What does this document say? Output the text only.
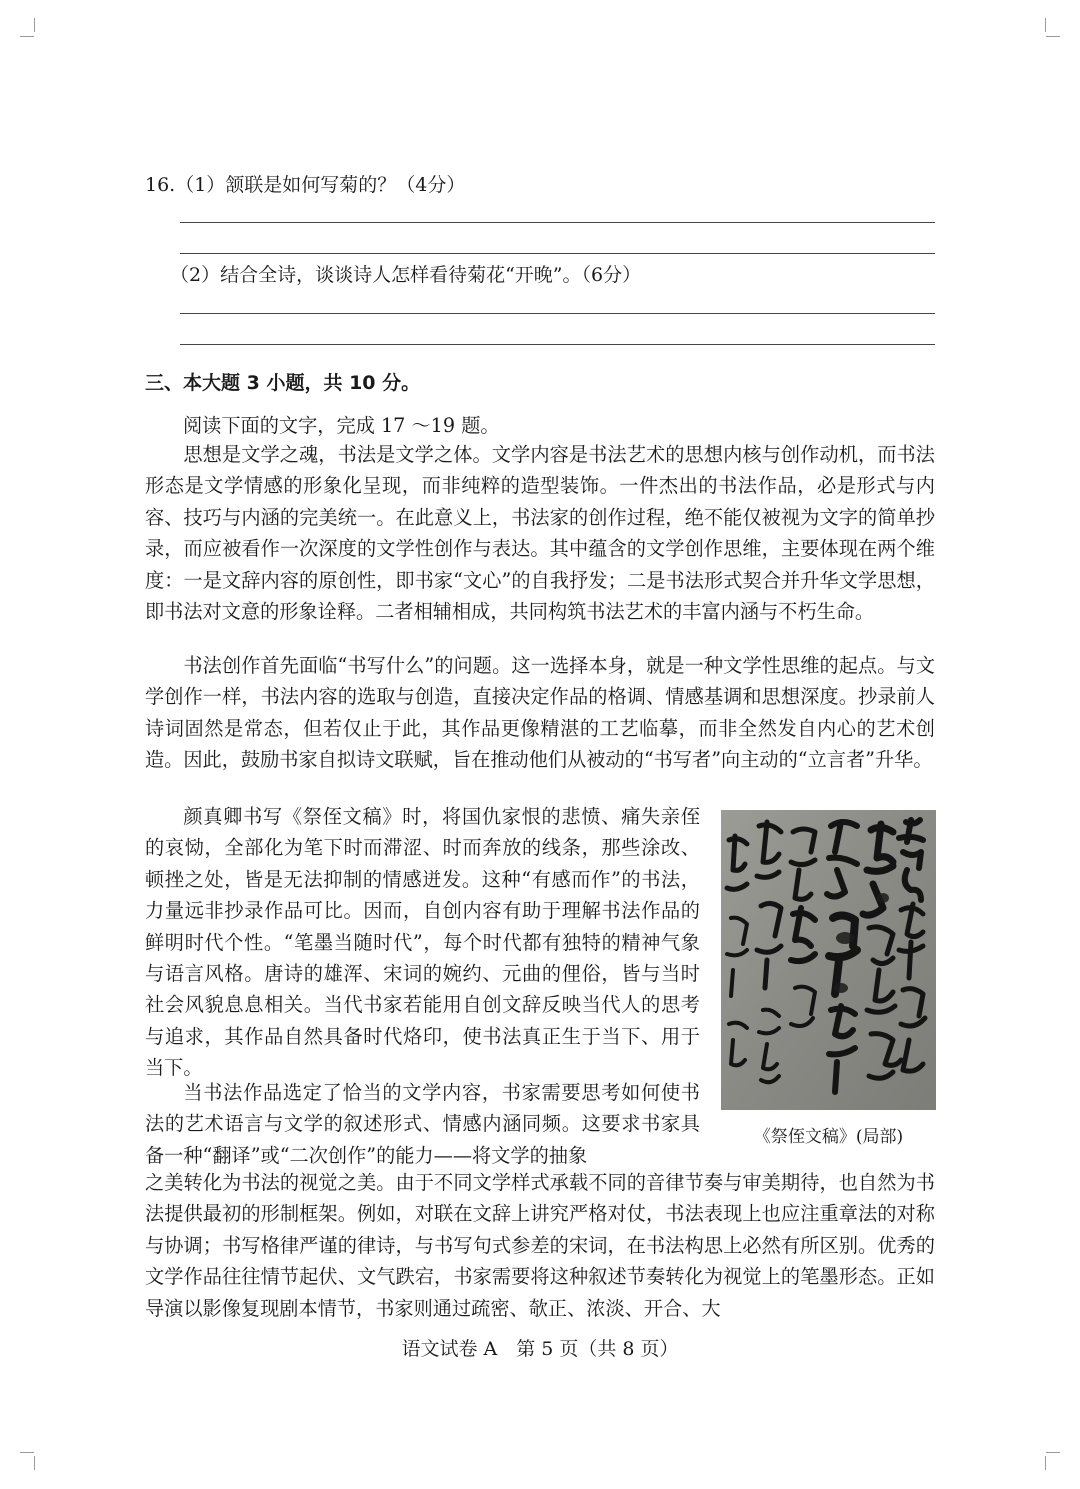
16.（1）颔联是如何写菊的？（4分）
（2）结合全诗，谈谈诗人怎样看待菊花“开晚”。（6分）
三、本大题 3 小题，共 10 分。
阅读下面的文字，完成 17 ～19 题。

思想是文学之魂，书法是文学之体。文学内容是书法艺术的思想内核与创作动机，而书法形态是文学情感的形象化呈现，而非纯粹的造型装饰。一件杰出的书法作品，必是形式与内容、技巧与内涵的完美统一。在此意义上，书法家的创作过程，绝不能仅被视为文字的简单抄录，而应被看作一次深度的文学性创作与表达。其中蕴含的文学创作思维，主要体现在两个维度：一是文辞内容的原创性，即书家“文心”的自我抒发；二是书法形式契合并升华文学思想，即书法对文意的形象诠释。二者相辅相成，共同构筑书法艺术的丰富内涵与不朽生命。

书法创作首先面临“书写什么”的问题。这一选择本身，就是一种文学性思维的起点。与文学创作一样，书法内容的选取与创造，直接决定作品的格调、情感基调和思想深度。抄录前人诗词固然是常态，但若仅止于此，其作品更像精湛的工艺临摹，而非全然发自内心的艺术创造。因此，鼓励书家自拟诗文联赋，旨在推动他们从被动的“书写者”向主动的“立言者”升华。

颜真卿书写《祭侄文稿》时，将国仇家恨的悲愤、痛失亲侄的哀恸，全部化为笔下时而滞涩、时而奔放的线条，那些涂改、顿挫之处，皆是无法抑制的情感迸发。这种“有感而作”的书法，力量远非抄录作品可比。因而，自创内容有助于理解书法作品的鲜明时代个性。“笔墨当随时代”，每个时代都有独特的精神气象与语言风格。唐诗的雄浑、宋词的婉约、元曲的俚俗，皆与当时社会风貌息息相关。当代书家若能用自创文辞反映当代人的思考与追求，其作品自然具备时代烙印，使书法真正生于当下、用于当下。

当书法作品选定了恰当的文学内容，书家需要思考如何使书法的艺术语言与文学的叙述形式、情感内涵同频。这要求书家具备一种“翻译”或“二次创作”的能力——将文学的抽象

之美转化为书法的视觉之美。由于不同文学样式承载不同的音律节奏与审美期待，也自然为书法提供最初的形制框架。例如，对联在文辞上讲究严格对仗，书法表现上也应注重章法的对称与协调；书写格律严谨的律诗，与书写句式参差的宋词，在书法构思上必然有所区别。优秀的文学作品往往情节起伏、文气跌宕，书家需要将这种叙述节奏转化为视觉上的笔墨形态。正如导演以影像复现剧本情节，书家则通过疏密、欹正、浓淡、开合、大

《祭侄文稿》(局部)
语文试卷 A　第 5 页（共 8 页）
